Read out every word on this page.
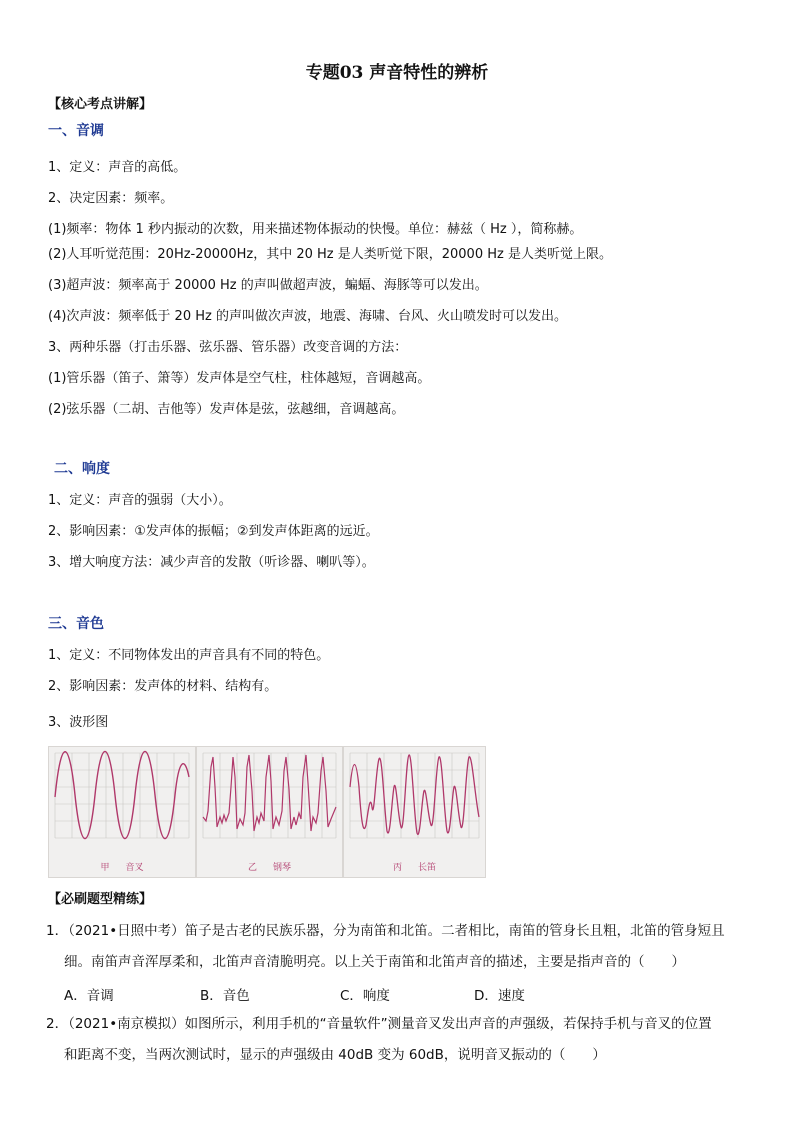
专题03 声音特性的辨析
【核心考点讲解】
一、音调
1、定义：声音的高低。
2、决定因素：频率。
(1)频率：物体 1 秒内振动的次数，用来描述物体振动的快慢。单位：赫兹（ Hz ），简称赫。
(2)人耳听觉范围：20Hz-20000Hz，其中 20 Hz 是人类听觉下限，20000 Hz 是人类听觉上限。
(3)超声波：频率高于 20000 Hz 的声叫做超声波，蝙蝠、海豚等可以发出。
(4)次声波：频率低于 20 Hz 的声叫做次声波，地震、海啸、台风、火山喷发时可以发出。
3、两种乐器（打击乐器、弦乐器、管乐器）改变音调的方法：
(1)管乐器（笛子、箫等）发声体是空气柱，柱体越短，音调越高。
(2)弦乐器（二胡、吉他等）发声体是弦，弦越细，音调越高。
二、响度
1、定义：声音的强弱（大小）。
2、影响因素：①发声体的振幅；②到发声体距离的远近。
3、增大响度方法：减少声音的发散（听诊器、喇叭等）。
三、音色
1、定义：不同物体发出的声音具有不同的特色。
2、影响因素：发声体的材料、结构有。
3、波形图
甲 音叉	乙 钢琴	丙 长笛
【必刷题型精练】
1．（2021•日照中考）笛子是古老的民族乐器，分为南笛和北笛。二者相比，南笛的管身长且粗，北笛的管身短且
细。南笛声音浑厚柔和，北笛声音清脆明亮。以上关于南笛和北笛声音的描述，主要是指声音的（　　）
A．音调	B．音色	C．响度	D．速度
2．（2021•南京模拟）如图所示，利用手机的“音量软件”测量音叉发出声音的声强级，若保持手机与音叉的位置
和距离不变，当两次测试时，显示的声强级由 40dB 变为 60dB，说明音叉振动的（　　）
